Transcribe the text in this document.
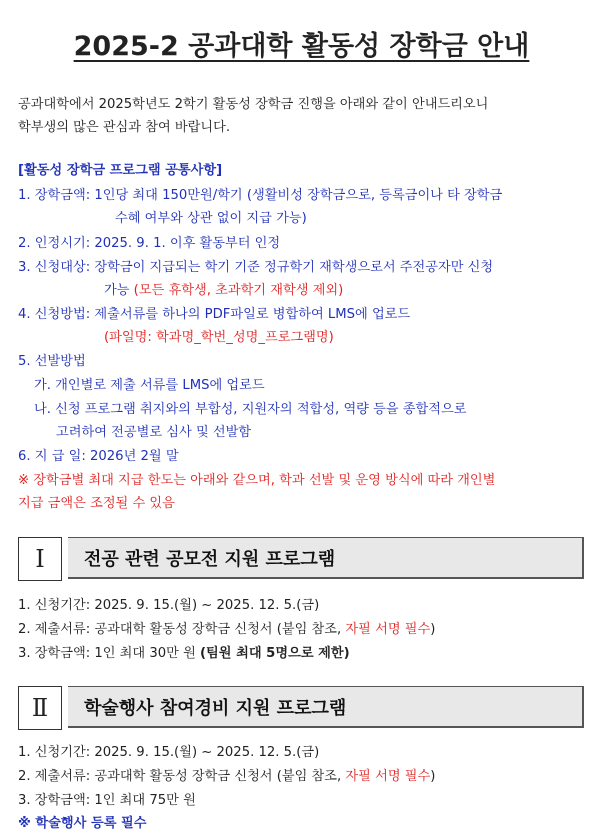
2025-2 공과대학 활동성 장학금 안내
공과대학에서 2025학년도 2학기 활동성 장학금 진행을 아래와 같이 안내드리오니
학부생의 많은 관심과 참여 바랍니다.
[활동성 장학금 프로그램 공통사항]
1. 장학금액: 1인당 최대 150만원/학기 (생활비성 장학금으로, 등록금이나 타 장학금
수혜 여부와 상관 없이 지급 가능)
2. 인정시기: 2025. 9. 1. 이후 활동부터 인정
3. 신청대상: 장학금이 지급되는 학기 기준 정규학기 재학생으로서 주전공자만 신청
가능 (모든 휴학생, 초과학기 재학생 제외)
4. 신청방법: 제출서류를 하나의 PDF파일로 병합하여 LMS에 업로드
(파일명: 학과명_학번_성명_프로그램명)
5. 선발방법
가. 개인별로 제출 서류를 LMS에 업로드
나. 신청 프로그램 취지와의 부합성, 지원자의 적합성, 역량 등을 종합적으로
고려하여 전공별로 심사 및 선발함
6. 지 급 일: 2026년 2월 말
※ 장학금별 최대 지급 한도는 아래와 같으며, 학과 선발 및 운영 방식에 따라 개인별
지급 금액은 조정될 수 있음
Ⅰ	전공 관련 공모전 지원 프로그램
1. 신청기간: 2025. 9. 15.(월) ~ 2025. 12. 5.(금)
2. 제출서류: 공과대학 활동성 장학금 신청서 (붙임 참조, 자필 서명 필수)
3. 장학금액: 1인 최대 30만 원 (팀원 최대 5명으로 제한)
Ⅱ	학술행사 참여경비 지원 프로그램
1. 신청기간: 2025. 9. 15.(월) ~ 2025. 12. 5.(금)
2. 제출서류: 공과대학 활동성 장학금 신청서 (붙임 참조, 자필 서명 필수)
3. 장학금액: 1인 최대 75만 원
※ 학술행사 등록 필수
